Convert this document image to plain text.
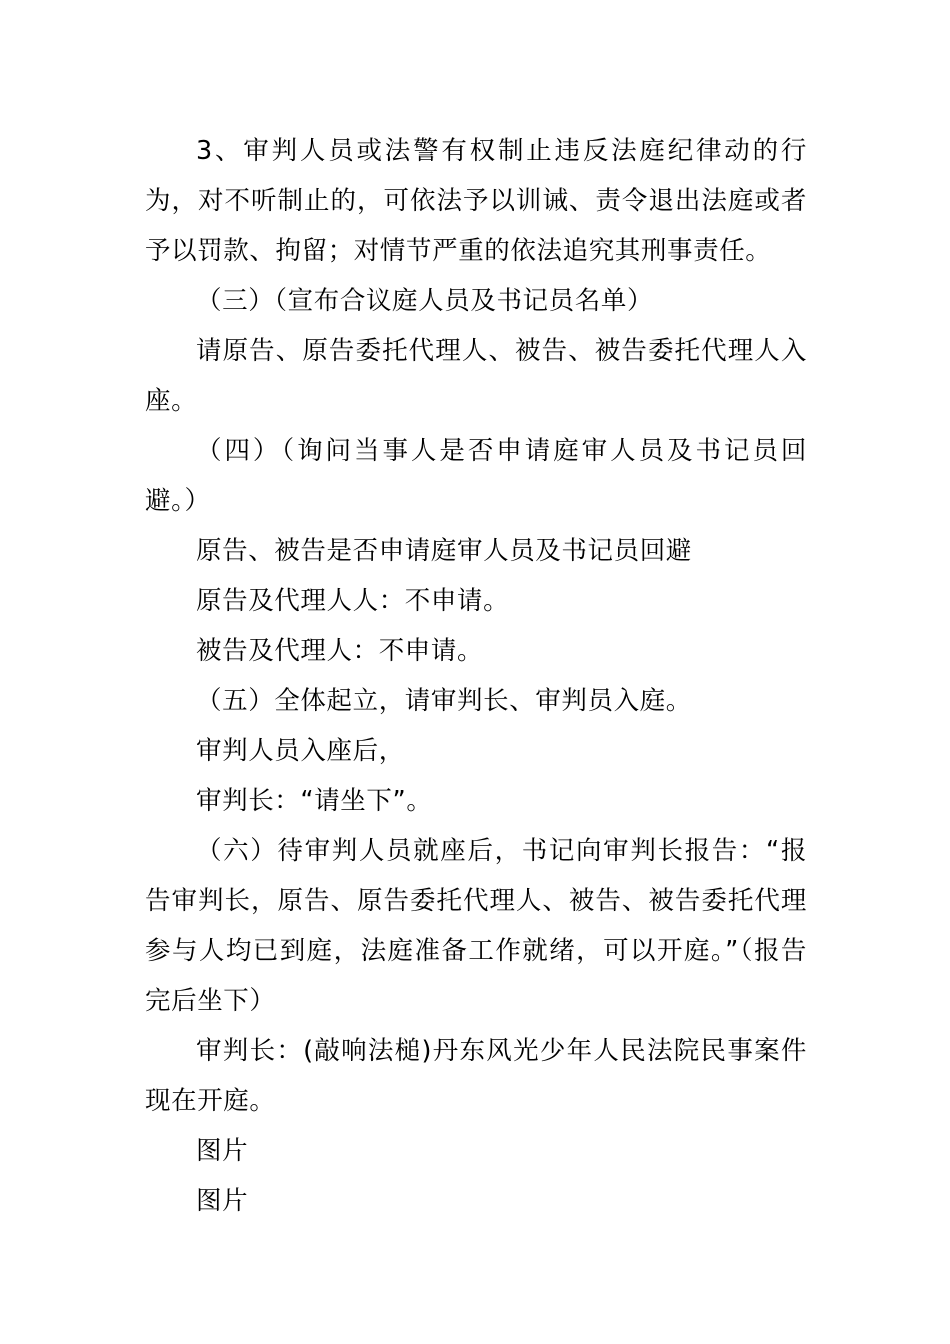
3、审判人员或法警有权制止违反法庭纪律动的行为，对不听制止的，可依法予以训诫、责令退出法庭或者予以罚款、拘留；对情节严重的依法追究其刑事责任。

（三）（宣布合议庭人员及书记员名单）

请原告、原告委托代理人、被告、被告委托代理人入座。

（四）（询问当事人是否申请庭审人员及书记员回避。）

原告、被告是否申请庭审人员及书记员回避

原告及代理人人：不申请。

被告及代理人：不申请。

（五）全体起立，请审判长、审判员入庭。

审判人员入座后，

审判长：“请坐下”。

（六）待审判人员就座后，书记向审判长报告：“报告审判长，原告、原告委托代理人、被告、被告委托代理参与人均已到庭，法庭准备工作就绪，可以开庭。”（报告完后坐下）

审判长：(敲响法槌)丹东风光少年人民法院民事案件现在开庭。

图片

图片
